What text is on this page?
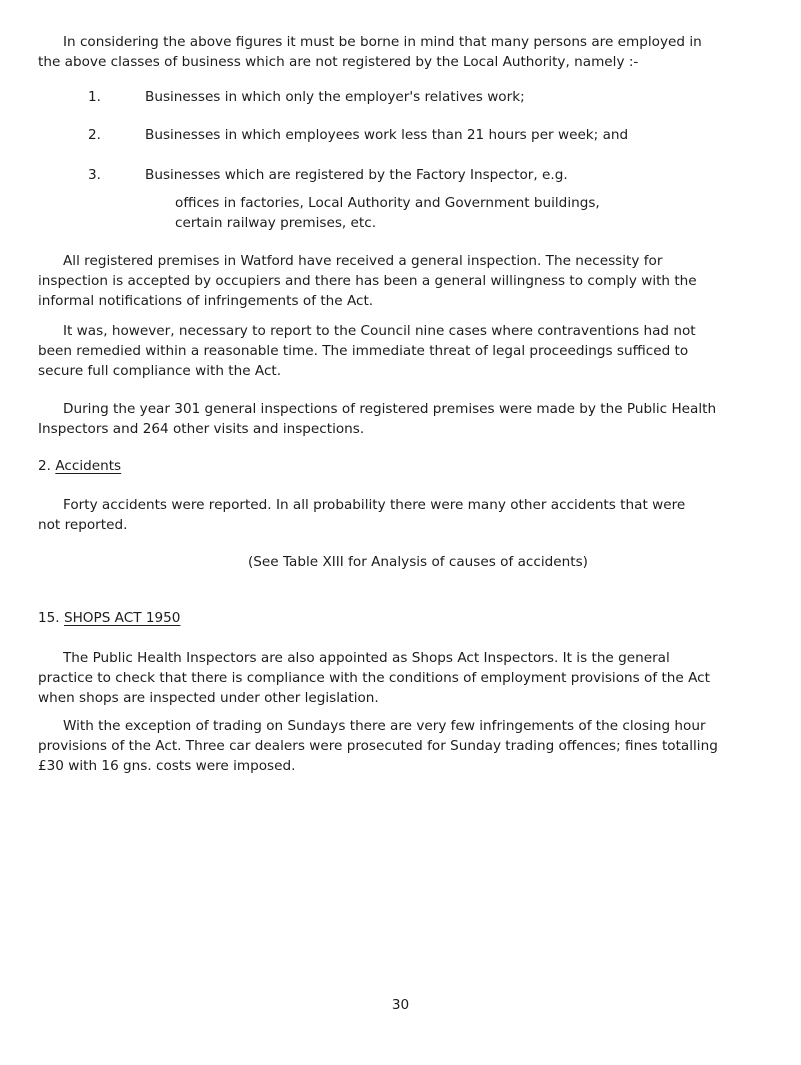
In considering the above figures it must be borne in mind that many persons are employed in
the above classes of business which are not registered by the Local Authority, namely :-

1.	Businesses in which only the employer's relatives work;

2.	Businesses in which employees work less than 21 hours per week; and

3.	Businesses which are registered by the Factory Inspector, e.g.

offices in factories, Local Authority and Government buildings,
certain railway premises, etc.

All registered premises in Watford have received a general inspection. The necessity for
inspection is accepted by occupiers and there has been a general willingness to comply with the
informal notifications of infringements of the Act.

It was, however, necessary to report to the Council nine cases where contraventions had not
been remedied within a reasonable time. The immediate threat of legal proceedings sufficed to
secure full compliance with the Act.

During the year 301 general inspections of registered premises were made by the Public Health
Inspectors and 264 other visits and inspections.

2. Accidents

Forty accidents were reported. In all probability there were many other accidents that were
not reported.

(See Table XIII for Analysis of causes of accidents)

15. SHOPS ACT 1950

The Public Health Inspectors are also appointed as Shops Act Inspectors. It is the general
practice to check that there is compliance with the conditions of employment provisions of the Act
when shops are inspected under other legislation.

With the exception of trading on Sundays there are very few infringements of the closing hour
provisions of the Act. Three car dealers were prosecuted for Sunday trading offences; fines totalling
£30 with 16 gns. costs were imposed.

30
